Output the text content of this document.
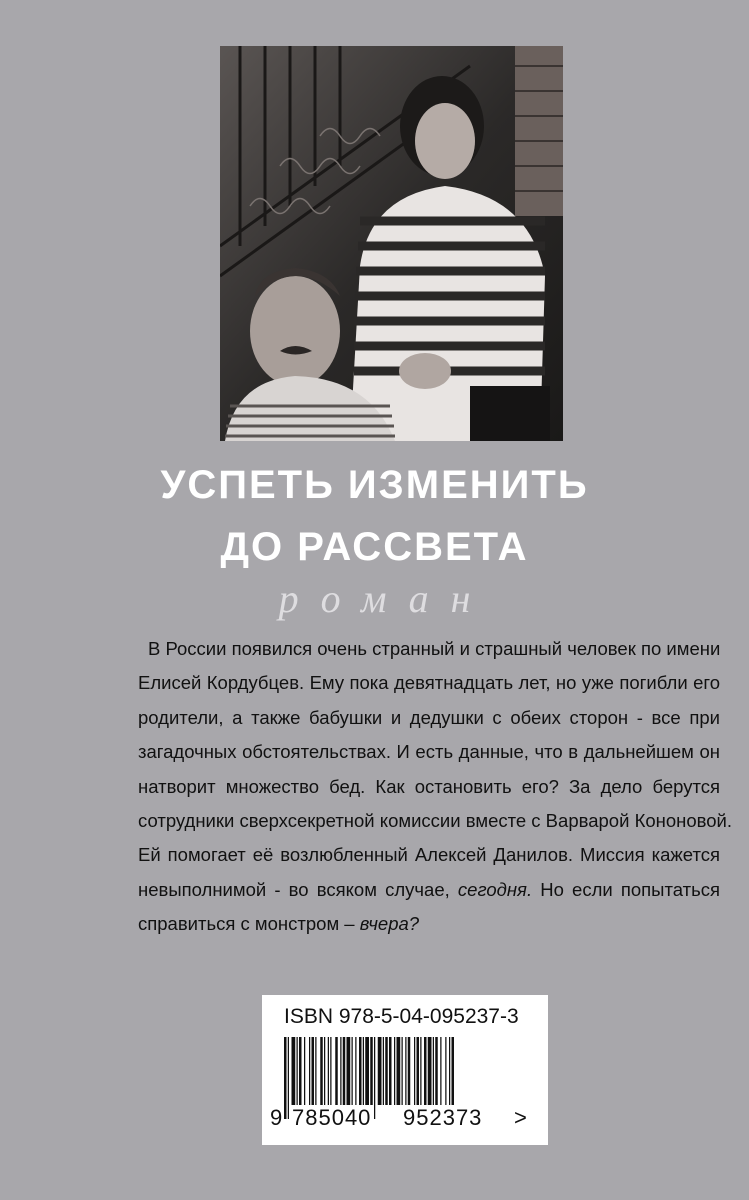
УСПЕТЬ ИЗМЕНИТЬ
ДО РАССВЕТА
роман
В России появился очень странный и страшный человек по имени
Елисей Кордубцев. Ему пока девятнадцать лет, но уже погибли его
родители, а также бабушки и дедушки с обеих сторон - все при
загадочных обстоятельствах. И есть данные, что в дальнейшем он
натворит множество бед. Как остановить его? За дело берутся
сотрудники сверхсекретной комиссии вместе с Варварой Кононовой.
Ей помогает её возлюбленный Алексей Данилов. Миссия кажется
невыполнимой - во всяком случае, сегодня. Но если попытаться
справиться с монстром – вчера?
ISBN 978-5-04-095237-3
9 785040 952373 >
